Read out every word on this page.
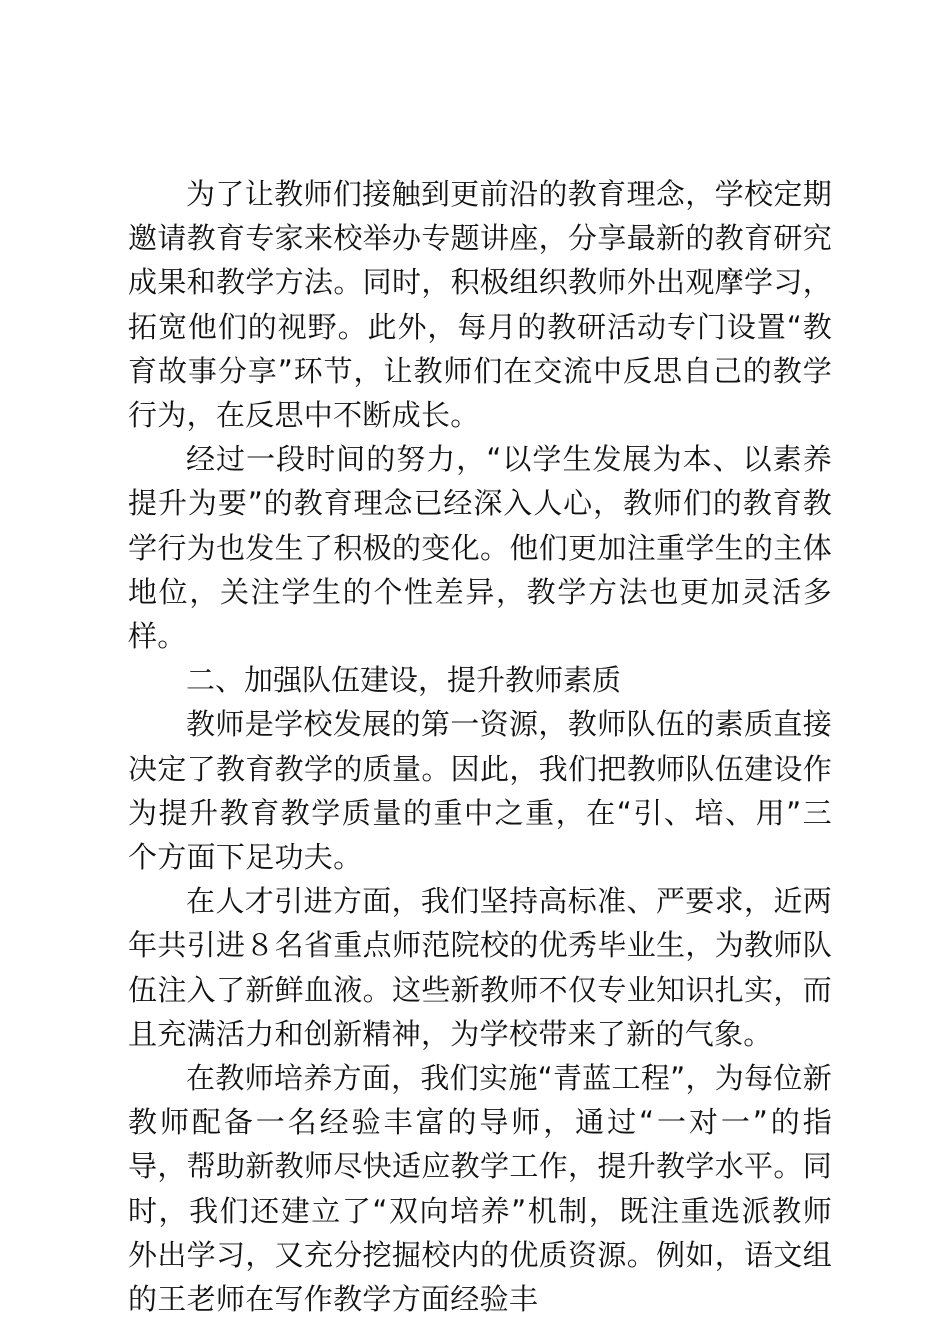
为了让教师们接触到更前沿的教育理念，学校定期邀请教育专家来校举办专题讲座，分享最新的教育研究成果和教学方法。同时，积极组织教师外出观摩学习，拓宽他们的视野。此外，每月的教研活动专门设置“教育故事分享”环节，让教师们在交流中反思自己的教学行为，在反思中不断成长。

经过一段时间的努力，“以学生发展为本、以素养提升为要”的教育理念已经深入人心，教师们的教育教学行为也发生了积极的变化。他们更加注重学生的主体地位，关注学生的个性差异，教学方法也更加灵活多样。

二、加强队伍建设，提升教师素质

教师是学校发展的第一资源，教师队伍的素质直接决定了教育教学的质量。因此，我们把教师队伍建设作为提升教育教学质量的重中之重，在“引、培、用”三个方面下足功夫。

在人才引进方面，我们坚持高标准、严要求，近两年共引进８名省重点师范院校的优秀毕业生，为教师队伍注入了新鲜血液。这些新教师不仅专业知识扎实，而且充满活力和创新精神，为学校带来了新的气象。

在教师培养方面，我们实施“青蓝工程”，为每位新教师配备一名经验丰富的导师，通过“一对一”的指导，帮助新教师尽快适应教学工作，提升教学水平。同时，我们还建立了“双向培养”机制，既注重选派教师外出学习，又充分挖掘校内的优质资源。例如，语文组的王老师在写作教学方面经验丰
